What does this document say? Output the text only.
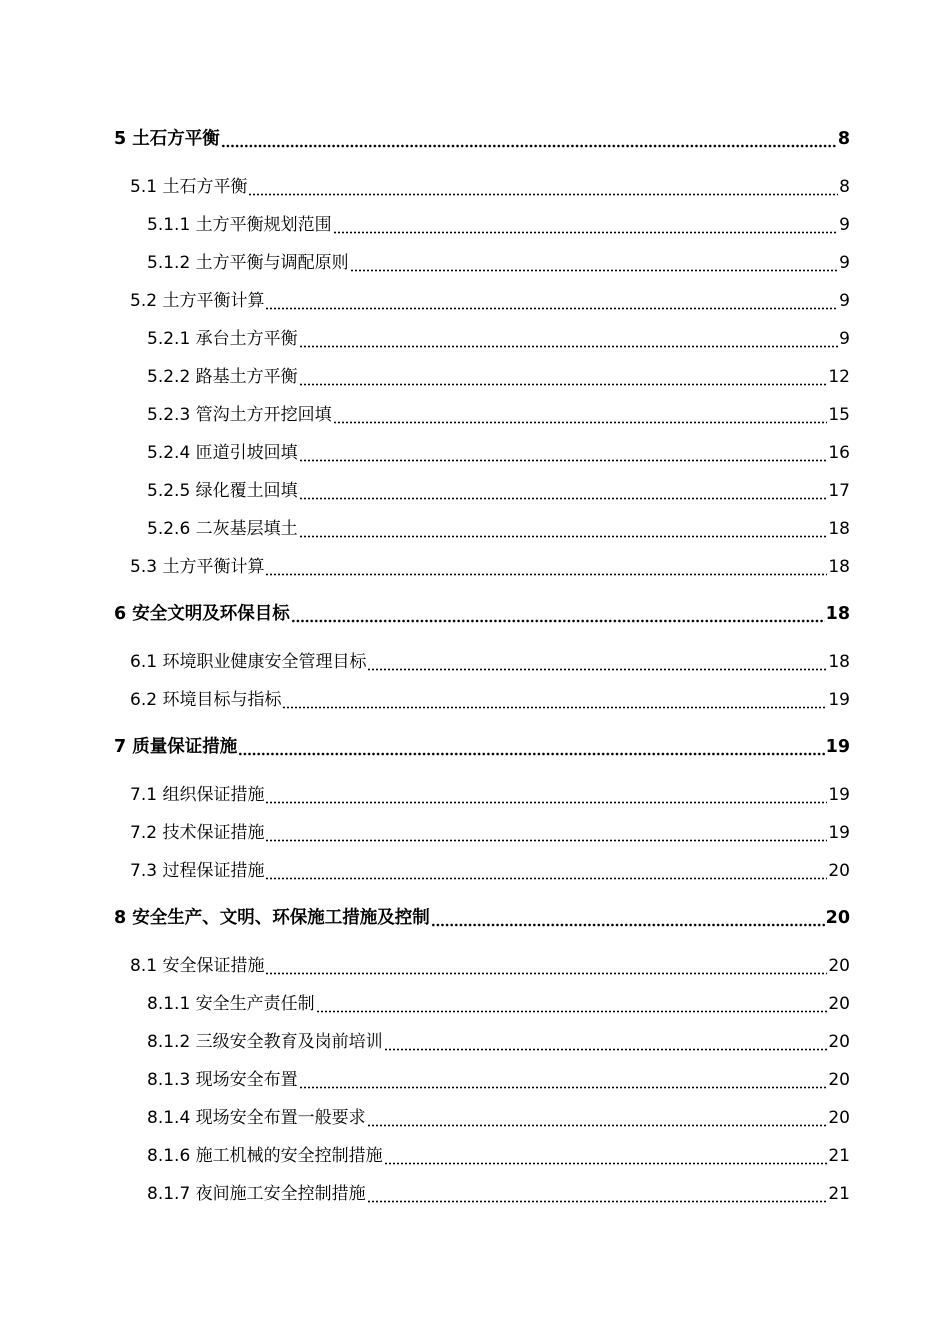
5 土石方平衡	8
5.1 土石方平衡	8
5.1.1 土方平衡规划范围	9
5.1.2 土方平衡与调配原则	9
5.2 土方平衡计算	9
5.2.1 承台土方平衡	9
5.2.2 路基土方平衡	12
5.2.3 管沟土方开挖回填	15
5.2.4 匝道引坡回填	16
5.2.5 绿化覆土回填	17
5.2.6 二灰基层填土	18
5.3 土方平衡计算	18
6 安全文明及环保目标	18
6.1 环境职业健康安全管理目标	18
6.2 环境目标与指标	19
7 质量保证措施	19
7.1 组织保证措施	19
7.2 技术保证措施	19
7.3 过程保证措施	20
8 安全生产、文明、环保施工措施及控制	20
8.1 安全保证措施	20
8.1.1 安全生产责任制	20
8.1.2 三级安全教育及岗前培训	20
8.1.3 现场安全布置	20
8.1.4 现场安全布置一般要求	20
8.1.6 施工机械的安全控制措施	21
8.1.7 夜间施工安全控制措施	21
